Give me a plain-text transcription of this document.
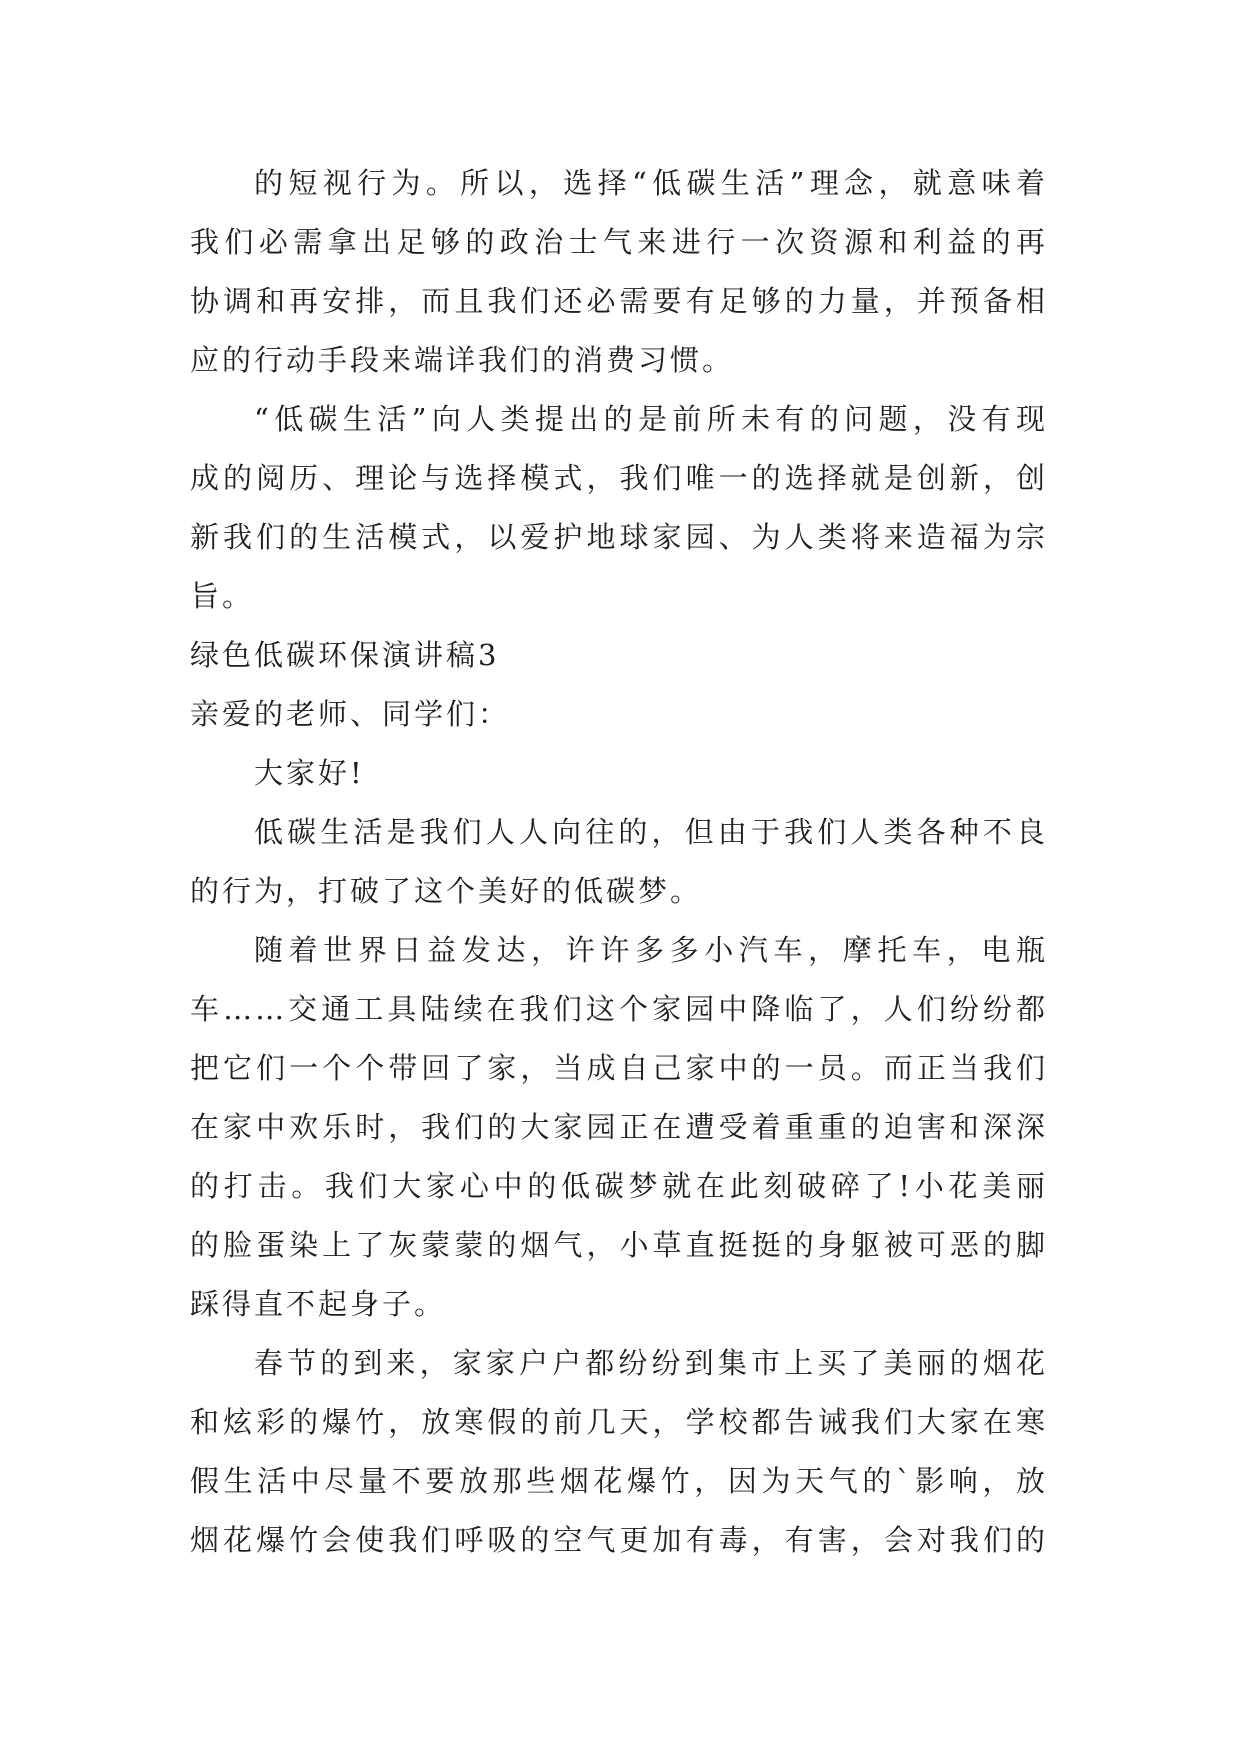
的短视行为。所以，选择“低碳生活”理念，就意味着
我们必需拿出足够的政治士气来进行一次资源和利益的再
协调和再安排，而且我们还必需要有足够的力量，并预备相
应的行动手段来端详我们的消费习惯。
“低碳生活”向人类提出的是前所未有的问题，没有现
成的阅历、理论与选择模式，我们唯一的选择就是创新，创
新我们的生活模式，以爱护地球家园、为人类将来造福为宗
旨。
绿色低碳环保演讲稿3
亲爱的老师、同学们：
大家好!
低碳生活是我们人人向往的，但由于我们人类各种不良
的行为，打破了这个美好的低碳梦。
随着世界日益发达，许许多多小汽车，摩托车，电瓶
车……交通工具陆续在我们这个家园中降临了，人们纷纷都
把它们一个个带回了家，当成自己家中的一员。而正当我们
在家中欢乐时，我们的大家园正在遭受着重重的迫害和深深
的打击。我们大家心中的低碳梦就在此刻破碎了!小花美丽
的脸蛋染上了灰蒙蒙的烟气，小草直挺挺的身躯被可恶的脚
踩得直不起身子。
春节的到来，家家户户都纷纷到集市上买了美丽的烟花
和炫彩的爆竹，放寒假的前几天，学校都告诫我们大家在寒
假生活中尽量不要放那些烟花爆竹，因为天气的`影响，放
烟花爆竹会使我们呼吸的空气更加有毒，有害，会对我们的
